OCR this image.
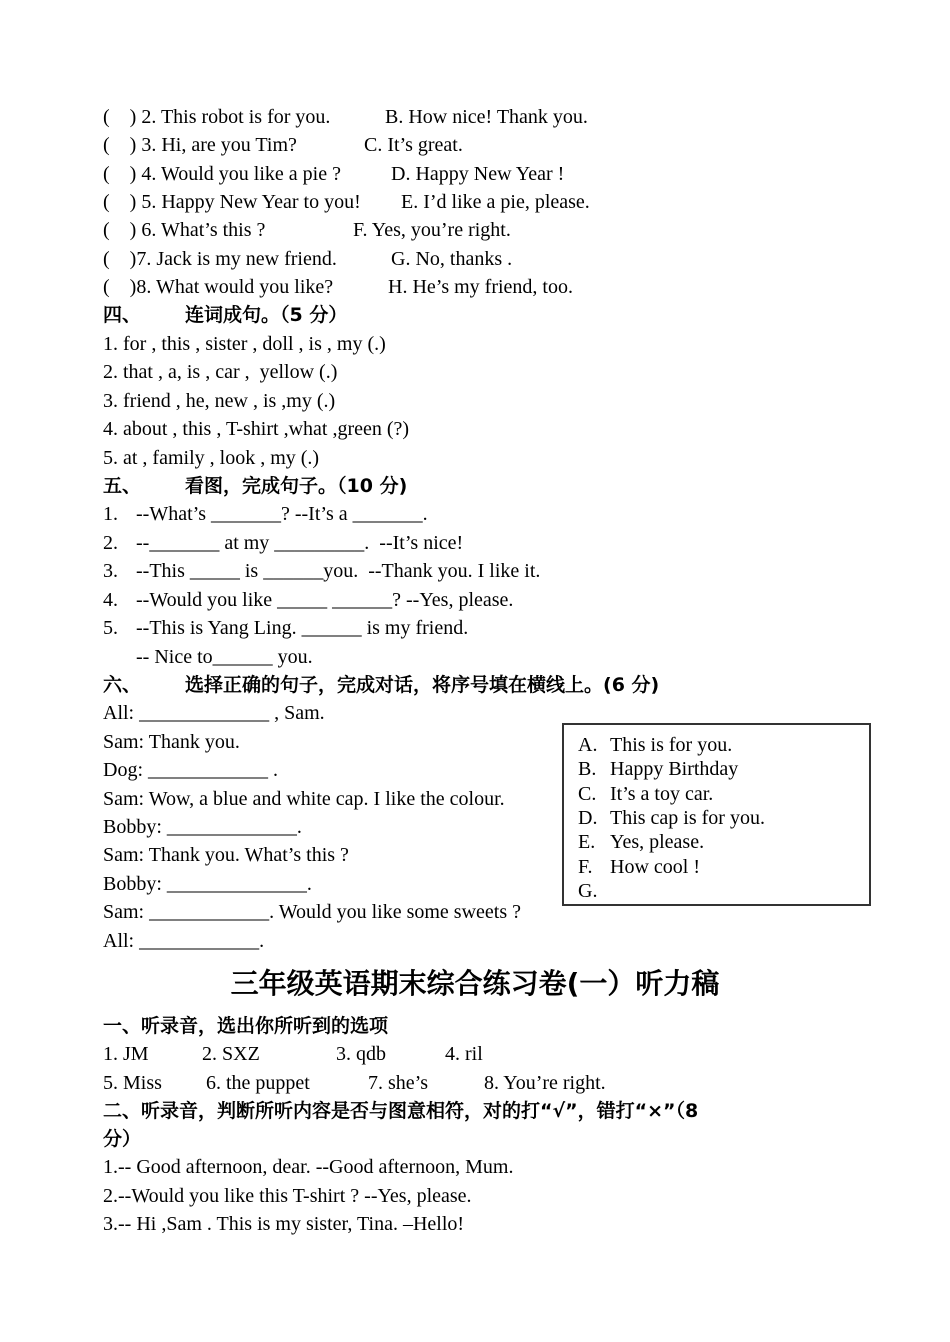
(    ) 2. This robot is for you.	B. How nice! Thank you.
(    ) 3. Hi, are you Tim?	C. It’s great.
(    ) 4. Would you like a pie ?	D. Happy New Year !
(    ) 5. Happy New Year to you! E. I’d like a pie, please.
(    ) 6. What’s this ?	F. Yes, you’re right.
(    )7. Jack is my new friend.	G. No, thanks .
(    )8. What would you like?	H. He’s my friend, too.
四、 连词成句。（5 分）
1. for , this , sister , doll , is , my (.)
2. that , a, is , car ,  yellow (.)
3. friend , he, new , is ,my (.)
4. about , this , T-shirt ,what ,green (?)
5. at , family , look , my (.)
五、 看图，完成句子。（10 分)
1. --What’s _______? --It’s a _______.
2. --_______ at my _________.  --It’s nice!
3. --This _____ is ______you.  --Thank you. I like it.
4. --Would you like _____ ______? --Yes, please.
5. --This is Yang Ling. ______ is my friend.
-- Nice to______ you.
六、 选择正确的句子，完成对话，将序号填在横线上。(6 分)
All: _____________ , Sam.
Sam: Thank you.
Dog: ____________ .
Sam: Wow, a blue and white cap. I like the colour.
Bobby: _____________.
Sam: Thank you. What’s this ?
Bobby: ______________.
Sam: ____________. Would you like some sweets ?
All: ____________.
A. This is for you.
B. Happy Birthday
C. It’s a toy car.
D. This cap is for you.
E. Yes, please.
F. How cool !
G.
三年级英语期末综合练习卷(一）听力稿
一、听录音，选出你所听到的选项
1. JM	2. SXZ	3. qdb	4. ril
5. Miss 6. the puppet	7. she’s	8. You’re right.
二、听录音，判断所听内容是否与图意相符，对的打“√”，错打“×”（8
分）
1.-- Good afternoon, dear. --Good afternoon, Mum.
2.--Would you like this T-shirt ? --Yes, please.
3.-- Hi ,Sam . This is my sister, Tina. –Hello!
